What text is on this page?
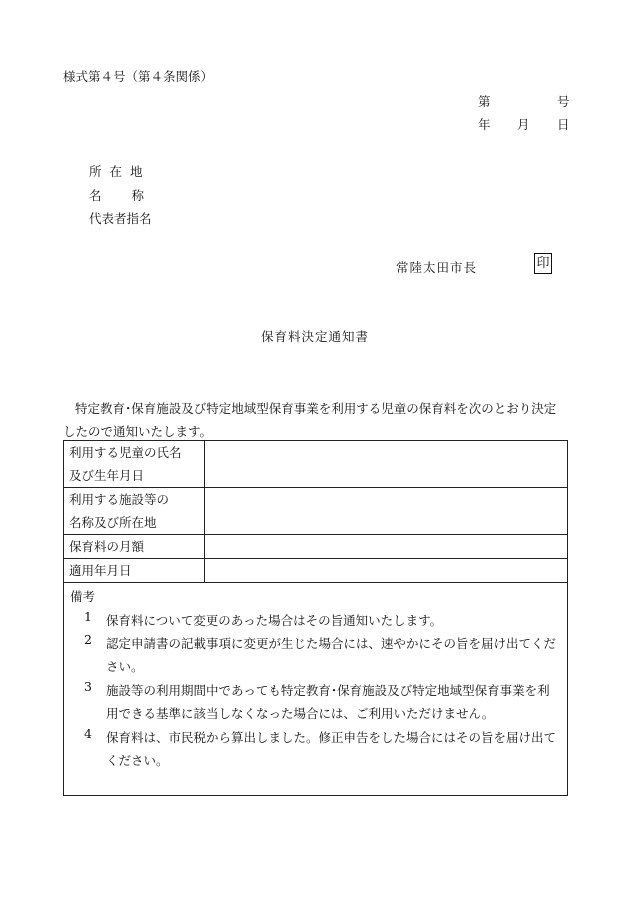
様式第４号（第４条関係）
第	号
年 月 日
所在地
名称
代表者指名
常陸太田市長	印
保育料決定通知書
特定教育･保育施設及び特定地域型保育事業を利用する児童の保育料を次のとおり決定したので通知いたします。
利用する児童の氏名
及び生年月日	

利用する施設等の
名称及び所在地	

保育料の月額	
適用年月日	
備考
1 保育料について変更のあった場合はその旨通知いたします。
2 認定申請書の記載事項に変更が生じた場合には、速やかにその旨を届け出てください。
3 施設等の利用期間中であっても特定教育･保育施設及び特定地域型保育事業を利用できる基準に該当しなくなった場合には、ご利用いただけません。
4 保育料は、市民税から算出しました。修正申告をした場合にはその旨を届け出てください。
